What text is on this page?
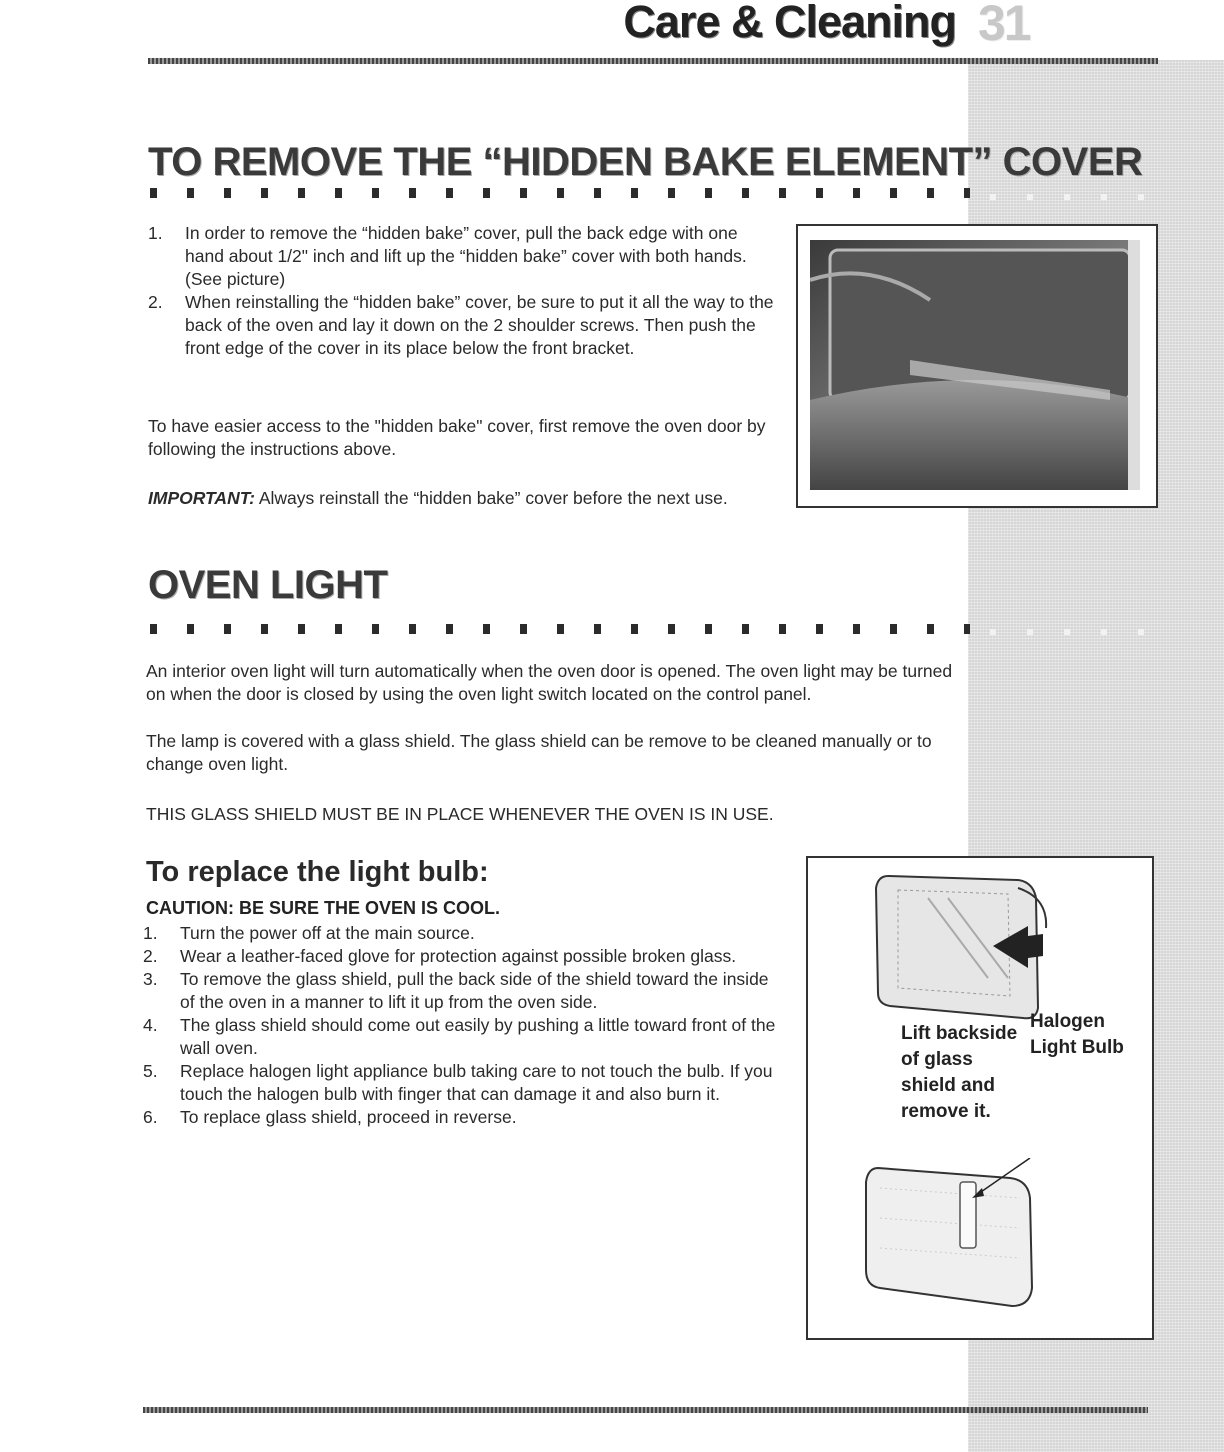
Care & Cleaning 31
TO REMOVE THE “HIDDEN BAKE ELEMENT” COVER
1. In order to remove the “hidden bake” cover, pull the back edge with one hand about 1/2" inch and lift up the “hidden bake” cover with both hands. (See picture)
2. When reinstalling the “hidden bake” cover, be sure to put it all the way to the back of the oven and lay it down on the 2 shoulder screws. Then push the front edge of the cover in its place below the front bracket.

To have easier access to the "hidden bake" cover, first remove the oven door by following the instructions above.

IMPORTANT: Always reinstall the “hidden bake” cover before the next use.

OVEN LIGHT

An interior oven light will turn automatically when the oven door is opened. The oven light may be turned on when the door is closed by using the oven light switch located on the control panel.

The lamp is covered with a glass shield. The glass shield can be remove to be cleaned manually or to change oven light.

THIS GLASS SHIELD MUST BE IN PLACE WHENEVER THE OVEN IS IN USE.

To replace the light bulb:
CAUTION: BE SURE THE OVEN IS COOL.
1. Turn the power off at the main source.
2. Wear a leather-faced glove for protection against possible broken glass.
3. To remove the glass shield, pull the back side of the shield toward the inside of the oven in a manner to lift it up from the oven side.
4. The glass shield should come out easily by pushing a little toward front of the wall oven.
5. Replace halogen light appliance bulb taking care to not touch the bulb. If you touch the halogen bulb with finger that can damage it and also burn it.
6. To replace glass shield, proceed in reverse.
Lift backside of glass shield and remove it.
Halogen Light Bulb
